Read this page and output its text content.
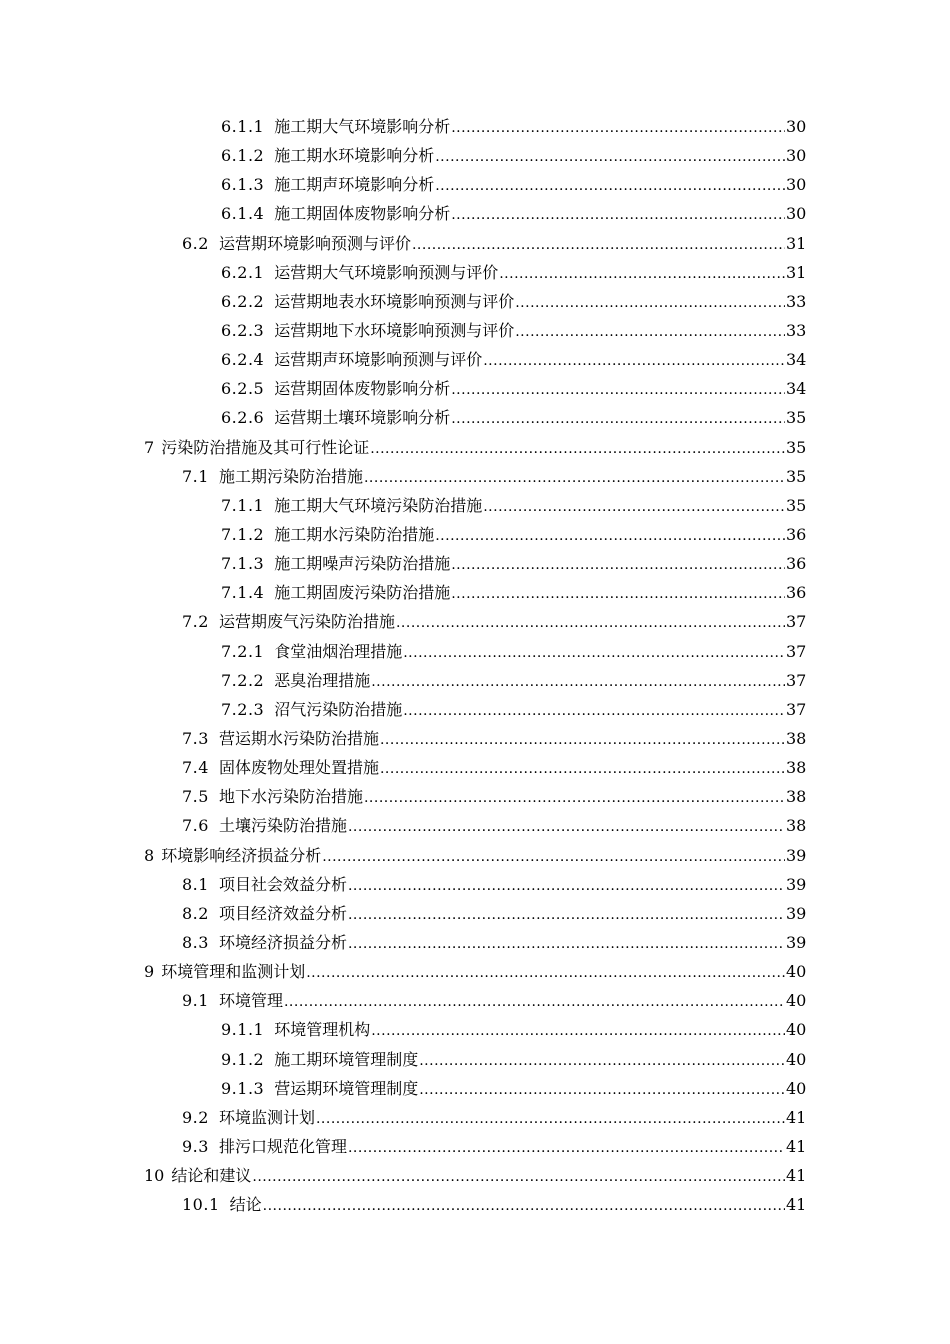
6.1.1 施工期大气环境影响分析 .....	30
6.1.2 施工期水环境影响分析 .....	30
6.1.3 施工期声环境影响分析 .....	30
6.1.4 施工期固体废物影响分析 .....	30
6.2 运营期环境影响预测与评价 .....	31
6.2.1 运营期大气环境影响预测与评价 .....	31
6.2.2 运营期地表水环境影响预测与评价 .....	33
6.2.3 运营期地下水环境影响预测与评价 .....	33
6.2.4 运营期声环境影响预测与评价 .....	34
6.2.5 运营期固体废物影响分析 .....	34
6.2.6 运营期土壤环境影响分析 .....	35
7 污染防治措施及其可行性论证 .....	35
7.1 施工期污染防治措施 .....	35
7.1.1 施工期大气环境污染防治措施 .....	35
7.1.2 施工期水污染防治措施 .....	36
7.1.3 施工期噪声污染防治措施 .....	36
7.1.4 施工期固废污染防治措施 .....	36
7.2 运营期废气污染防治措施 .....	37
7.2.1 食堂油烟治理措施 .....	37
7.2.2 恶臭治理措施 .....	37
7.2.3 沼气污染防治措施 .....	37
7.3 营运期水污染防治措施 .....	38
7.4 固体废物处理处置措施 .....	38
7.5 地下水污染防治措施 .....	38
7.6 土壤污染防治措施 .....	38
8 环境影响经济损益分析 .....	39
8.1 项目社会效益分析 .....	39
8.2 项目经济效益分析 .....	39
8.3 环境经济损益分析 .....	39
9 环境管理和监测计划 .....	40
9.1 环境管理 .....	40
9.1.1 环境管理机构 .....	40
9.1.2 施工期环境管理制度 .....	40
9.1.3 营运期环境管理制度 .....	40
9.2 环境监测计划 .....	41
9.3 排污口规范化管理 .....	41
10 结论和建议 .....	41
10.1 结论 .....	41
